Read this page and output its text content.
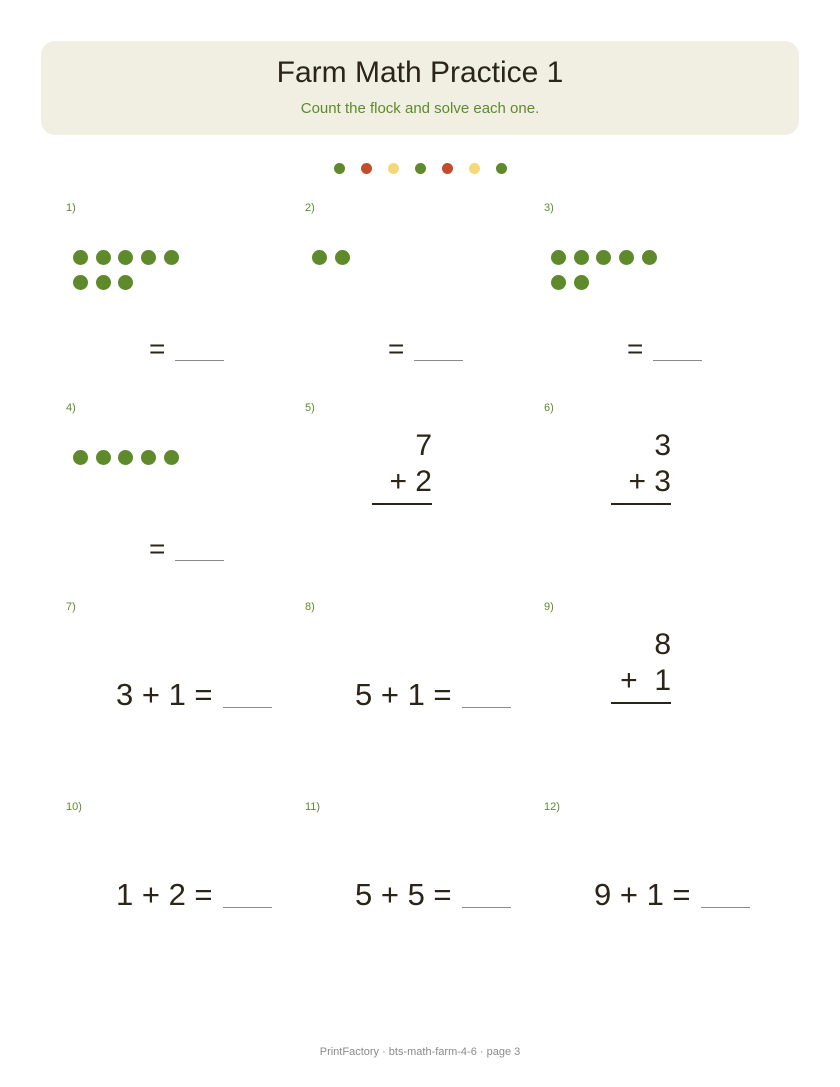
Farm Math Practice 1
Count the flock and solve each one.
1)
=
2)
=
3)
=
4)
=
5)
7
+ 2
6)
3
+ 3
7)
3 + 1 =
8)
5 + 1 =
9)
8
+  1
10)
1 + 2 =
11)
5 + 5 =
12)
9 + 1 =
PrintFactory · bts-math-farm-4-6 · page 3
